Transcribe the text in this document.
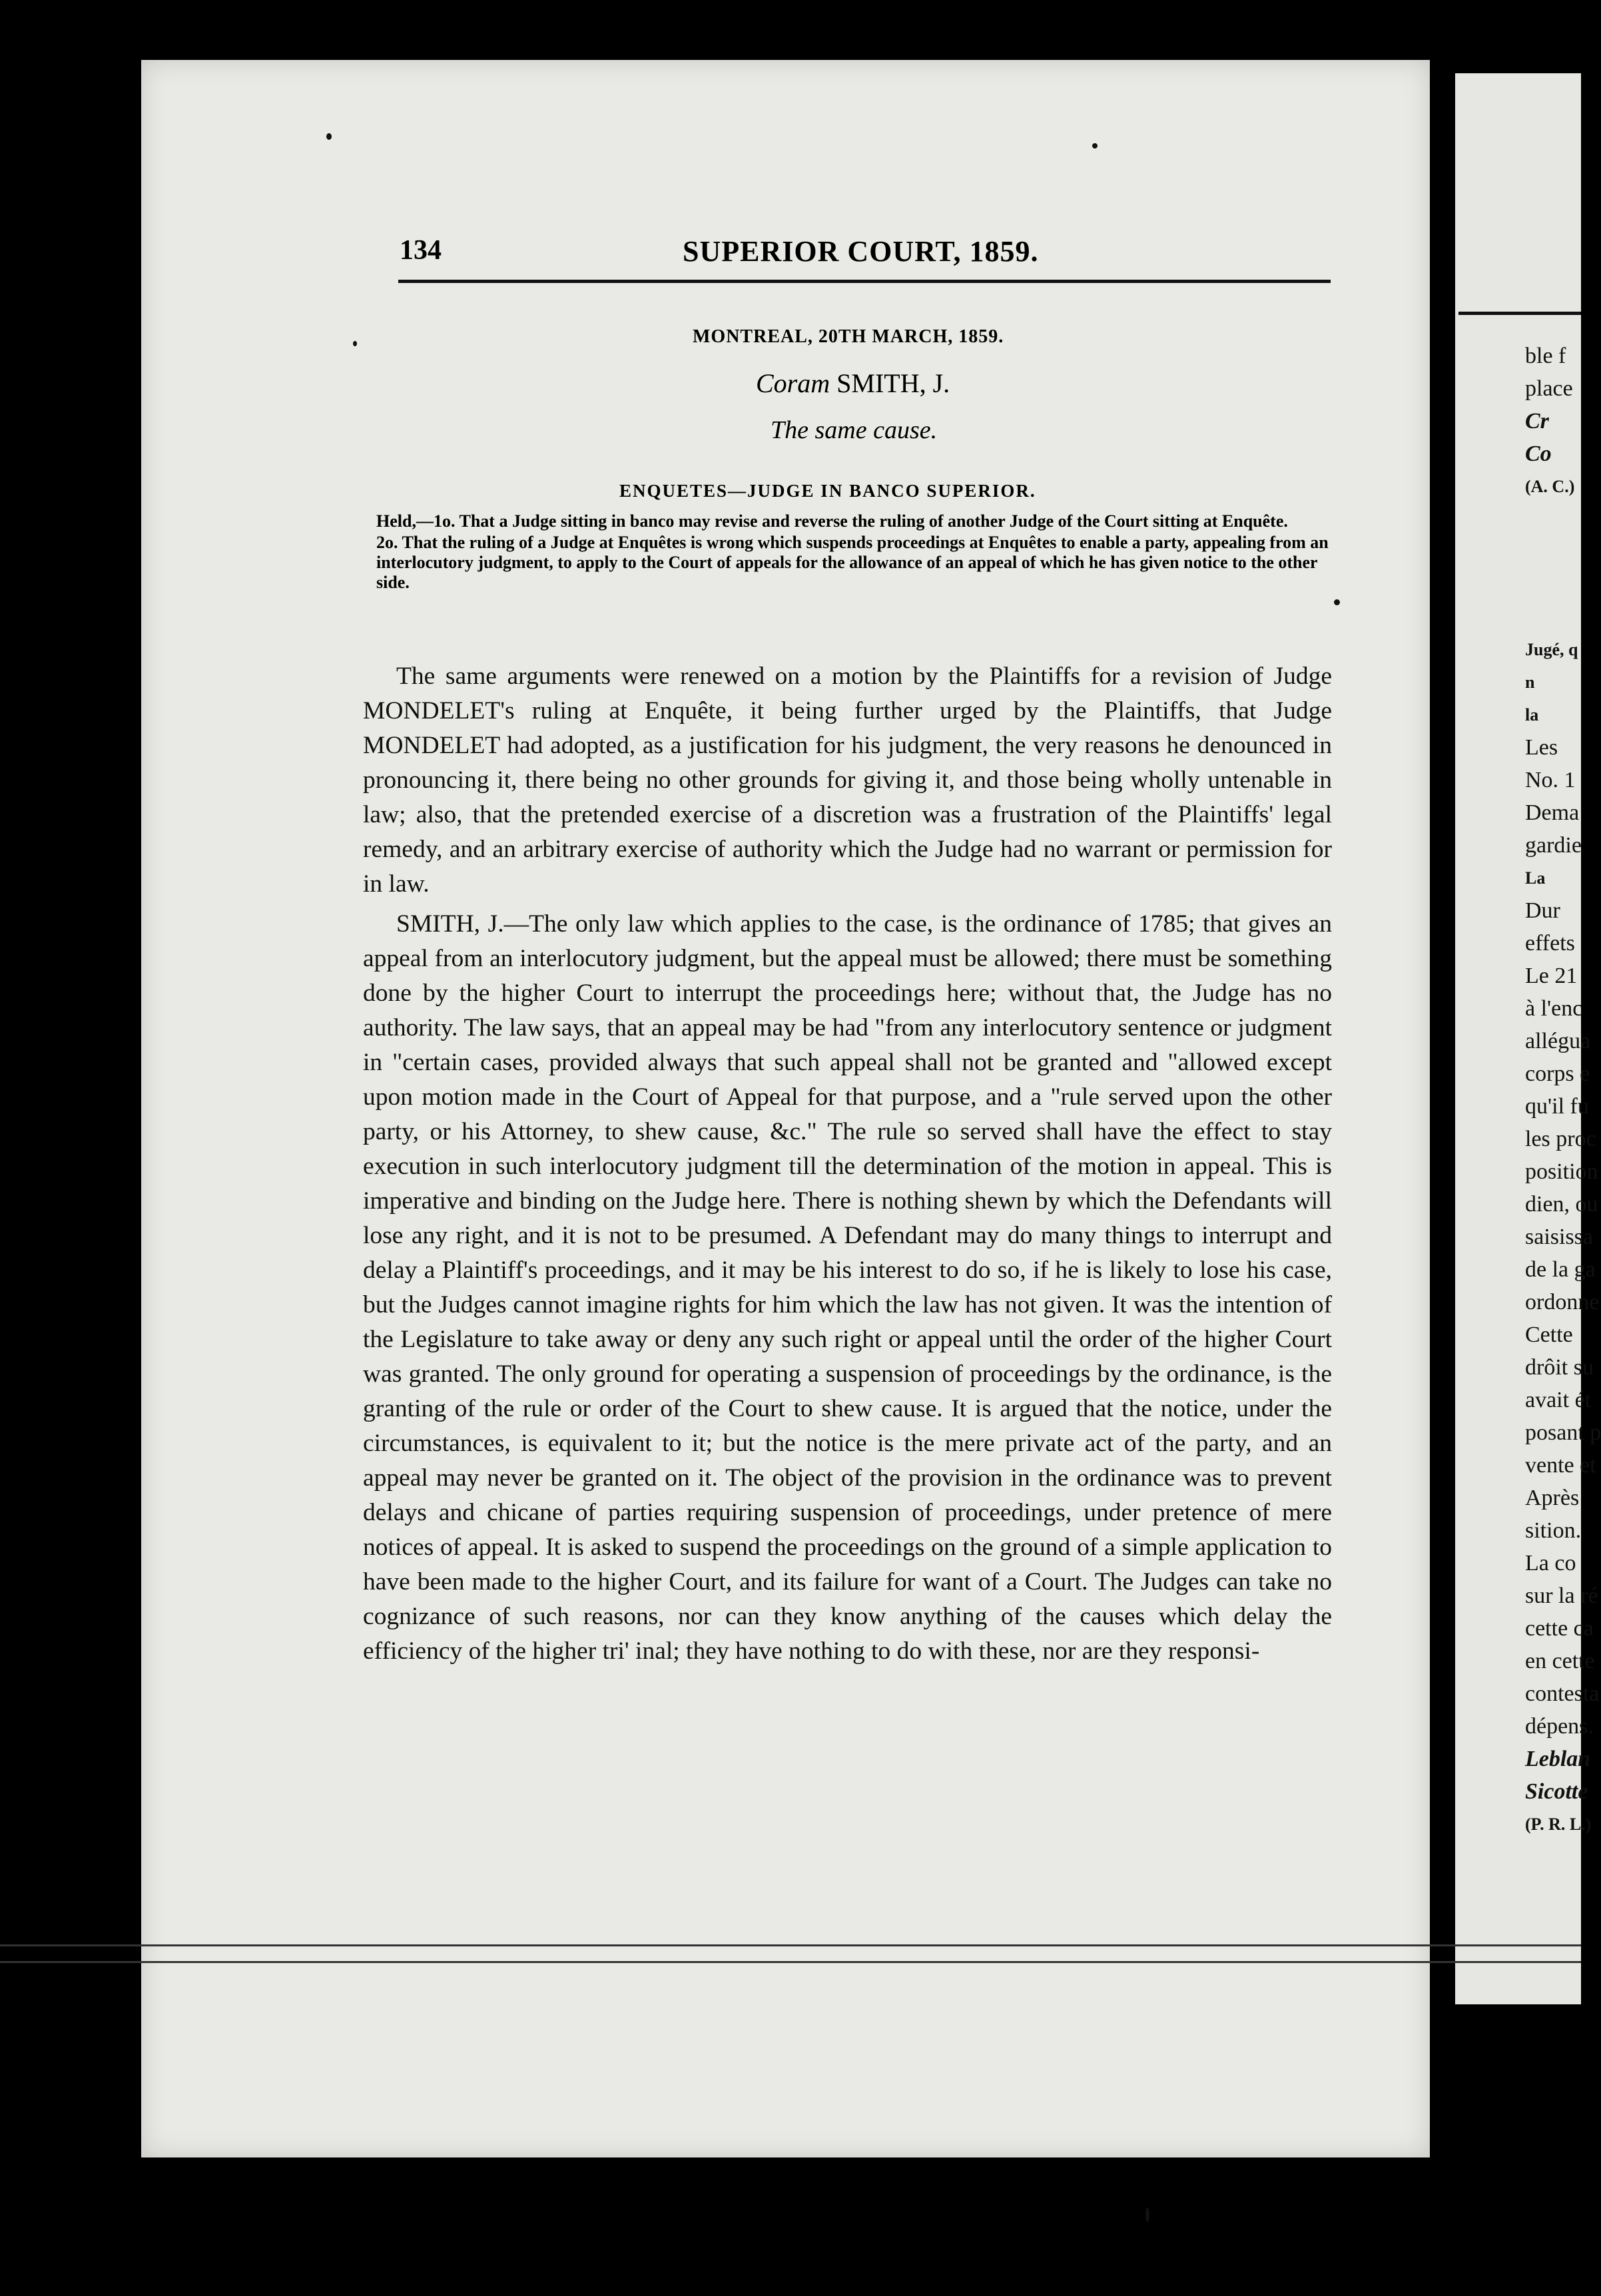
134	SUPERIOR COURT, 1859.
MONTREAL, 20TH MARCH, 1859.
Coram SMITH, J.
The same cause.
ENQUETES—JUDGE IN BANCO SUPERIOR.

Held,—1o. That a Judge sitting in banco may revise and reverse the ruling of another Judge of the Court sitting at Enquête.

2o. That the ruling of a Judge at Enquêtes is wrong which suspends proceedings at Enquêtes to enable a party, appealing from an interlocutory judgment, to apply to the Court of appeals for the allowance of an appeal of which he has given notice to the other side.

The same arguments were renewed on a motion by the Plaintiffs for a revision of Judge MONDELET's ruling at Enquête, it being further urged by the Plaintiffs, that Judge MONDELET had adopted, as a justification for his judgment, the very reasons he denounced in pronouncing it, there being no other grounds for giving it, and those being wholly untenable in law; also, that the pretended exercise of a discretion was a frustration of the Plaintiffs' legal remedy, and an arbitrary exercise of authority which the Judge had no warrant or permission for in law.

SMITH, J.—The only law which applies to the case, is the ordinance of 1785; that gives an appeal from an interlocutory judgment, but the appeal must be allowed; there must be something done by the higher Court to interrupt the proceedings here; without that, the Judge has no authority. The law says, that an appeal may be had "from any interlocutory sentence or judgment in "certain cases, provided always that such appeal shall not be granted and "allowed except upon motion made in the Court of Appeal for that purpose, and a "rule served upon the other party, or his Attorney, to shew cause, &c." The rule so served shall have the effect to stay execution in such interlocutory judgment till the determination of the motion in appeal. This is imperative and binding on the Judge here. There is nothing shewn by which the Defendants will lose any right, and it is not to be presumed. A Defendant may do many things to interrupt and delay a Plaintiff's proceedings, and it may be his interest to do so, if he is likely to lose his case, but the Judges cannot imagine rights for him which the law has not given. It was the intention of the Legislature to take away or deny any such right or appeal until the order of the higher Court was granted. The only ground for operating a suspension of proceedings by the ordinance, is the granting of the rule or order of the Court to shew cause. It is argued that the notice, under the circumstances, is equivalent to it; but the notice is the mere private act of the party, and an appeal may never be granted on it. The object of the provision in the ordinance was to prevent delays and chicane of parties requiring suspension of proceedings, under pretence of mere notices of appeal. It is asked to suspend the proceedings on the ground of a simple application to have been made to the higher Court, and its failure for want of a Court. The Judges can take no cognizance of such reasons, nor can they know anything of the causes which delay the efficiency of the higher tri' inal; they have nothing to do with these, nor are they responsi-

ble f
place
Cr
Co
(A. C.)
Jugé, q
n
la
Les
No. 1
Dema
gardie
La
Dur
effets
Le 21
à l'enc
allégua
corps e
qu'il fu
les proc
position
dien, ou
saisissa
de la ga
ordonne
Cette
drôit su
avait ét
posant p
vente et
Après
sition.
La co
sur la ré
cette ca
en cette
contesta
dépens.
Leblan
Sicotte
(P. R. L.)
